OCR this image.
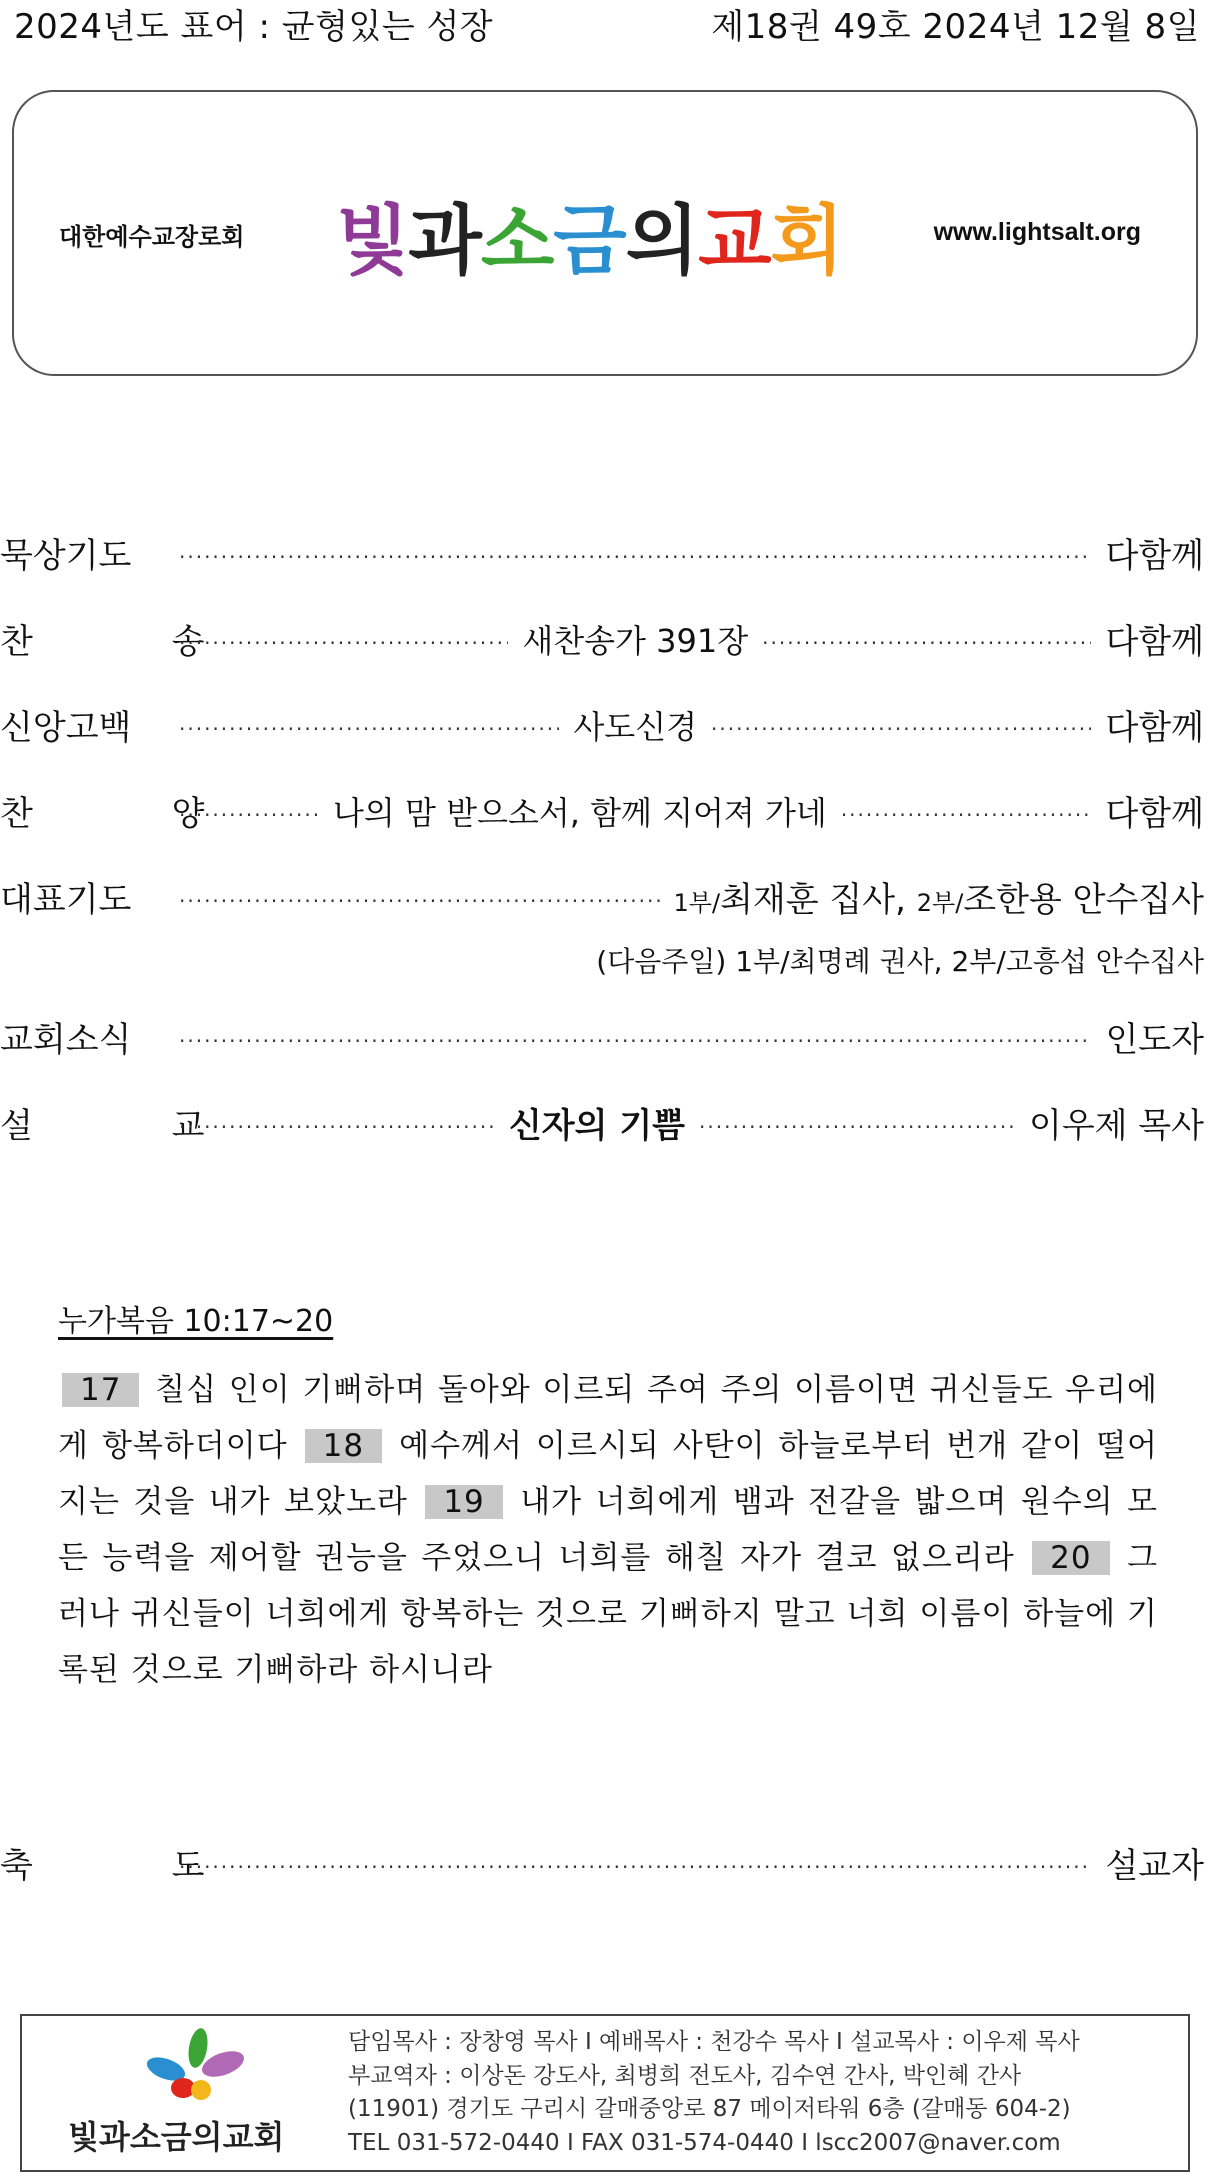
2024년도 표어 : 균형있는 성장	제18권 49호 2024년 12월 8일
대한예수교장로회 빛과소금의교회	www.lightsalt.org
묵상기도 ·····	다함께
찬 송 ·····	새찬송가 391장 ·····	다함께
신앙고백 ·····	사도신경 ·····	다함께
찬 양 ····· 나의 맘 받으소서, 함께 지어져 가네 ·····	다함께
대표기도 ·····	1부/최재훈 집사, 2부/조한용 안수집사
(다음주일) 1부/최명례 권사, 2부/고흥섭 안수집사
교회소식 ·····	인도자
설 교 ·····	신자의 기쁨 ·····	이우제 목사
축 도 ·····	설교자
누가복음 10:17~20
17 칠십 인이 기뻐하며 돌아와 이르되 주여 주의 이름이면 귀신들도 우리에게 항복하더이다 18 예수께서 이르시되 사탄이 하늘로부터 번개 같이 떨어지는 것을 내가 보았노라 19 내가 너희에게 뱀과 전갈을 밟으며 원수의 모든 능력을 제어할 권능을 주었으니 너희를 해칠 자가 결코 없으리라 20 그러나 귀신들이 너희에게 항복하는 것으로 기뻐하지 말고 너희 이름이 하늘에 기록된 것으로 기뻐하라 하시니라
빛과소금의교회
담임목사 : 장창영 목사 I 예배목사 : 천강수 목사 I 설교목사 : 이우제 목사
부교역자 : 이상돈 강도사, 최병희 전도사, 김수연 간사, 박인혜 간사
(11901) 경기도 구리시 갈매중앙로 87 메이저타워 6층 (갈매동 604-2)
TEL 031-572-0440 I FAX 031-574-0440 I lscc2007@naver.com
